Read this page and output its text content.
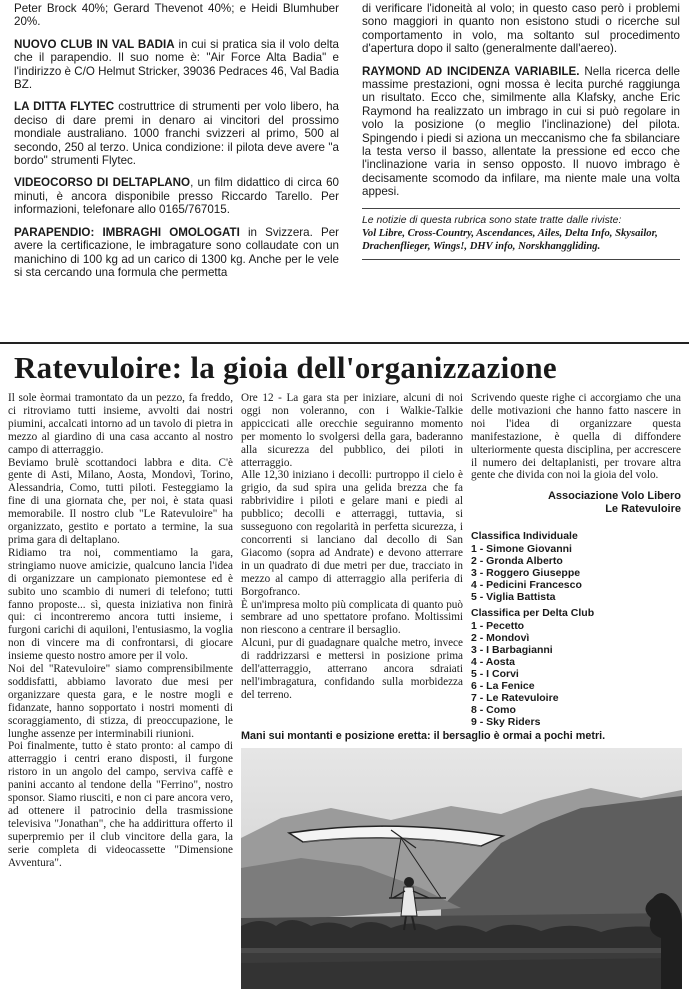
Peter Brock 40%; Gerard Thevenot 40%; e Heidi Blumhuber 20%.

NUOVO CLUB IN VAL BADIA in cui si pratica sia il volo delta che il parapendio. Il suo nome è: "Air Force Alta Badia" e l'indirizzo è C/O Helmut Stricker, 39036 Pedraces 46, Val Badia BZ.

LA DITTA FLYTEC costruttrice di strumenti per volo libero, ha deciso di dare premi in denaro ai vincitori del prossimo mondiale australiano. 1000 franchi svizzeri al primo, 500 al secondo, 250 al terzo. Unica condizione: il pilota deve avere "a bordo" strumenti Flytec.

VIDEOCORSO DI DELTAPLANO, un film didattico di circa 60 minuti, è ancora disponibile presso Riccardo Tarello. Per informazioni, telefonare allo 0165/767015.

PARAPENDIO: IMBRAGHI OMOLOGATI in Svizzera. Per avere la certificazione, le imbragature sono collaudate con un manichino di 100 kg ad un carico di 1300 kg. Anche per le vele si sta cercando una formula che permetta

di verificare l'idoneità al volo; in questo caso però i problemi sono maggiori in quanto non esistono studi o ricerche sul comportamento in volo, ma soltanto sul procedimento d'apertura dopo il salto (generalmente dall'aereo).

RAYMOND AD INCIDENZA VARIABILE. Nella ricerca delle massime prestazioni, ogni mossa è lecita purché raggiunga un risultato. Ecco che, similmente alla Klafsky, anche Eric Raymond ha realizzato un imbrago in cui si può regolare in volo la posizione (o meglio l'inclinazione) del pilota. Spingendo i piedi si aziona un meccanismo che fa sbilanciare la testa verso il basso, allentate la pressione ed ecco che l'inclinazione varia in senso opposto. Il nuovo imbrago è decisamente scomodo da infilare, ma niente male una volta appesi.

Le notizie di questa rubrica sono state tratte dalle riviste:
Vol Libre, Cross-Country, Ascendances, Ailes, Delta Info, Skysailor, Drachenflieger, Wings!, DHV info, Norskhanggliding.
Ratevuloire: la gioia dell'organizzazione

Il sole èormai tramontato da un pezzo, fa freddo, ci ritroviamo tutti insieme, avvolti dai nostri piumini, accalcati intorno ad un tavolo di pietra in mezzo al giardino di una casa accanto al nostro campo di atterraggio.

Beviamo brulè scottandoci labbra e dita. C'è gente di Asti, Milano, Aosta, Mondovì, Torino, Alessandria, Como, tutti piloti. Festeggiamo la fine di una giornata che, per noi, è stata quasi memorabile. Il nostro club "Le Ratevuloire" ha organizzato, gestito e portato a termine, la sua prima gara di deltaplano.

Ridiamo tra noi, commentiamo la gara, stringiamo nuove amicizie, qualcuno lancia l'idea di organizzare un campionato piemontese ed è subito uno scambio di numeri di telefono; tutti fanno proposte... sì, questa iniziativa non finirà qui: ci incontreremo ancora tutti insieme, i furgoni carichi di aquiloni, l'entusiasmo, la voglia non di vincere ma di confrontarsi, di giocare insieme questo nostro amore per il volo.

Noi del "Ratevuloire" siamo comprensibilmente soddisfatti, abbiamo lavorato due mesi per organizzare questa gara, e le nostre mogli e fidanzate, hanno sopportato i nostri momenti di scoraggiamento, di stizza, di preoccupazione, le lunghe assenze per interminabili riunioni.

Poi finalmente, tutto è stato pronto: al campo di atterraggio i centri erano disposti, il furgone ristoro in un angolo del campo, serviva caffè e panini accanto al tendone della "Ferrino", nostro sponsor. Siamo riusciti, e non ci pare ancora vero, ad ottenere il patrocinio della trasmissione televisiva "Jonathan", che ha addirittura offerto il superpremio per il club vincitore della gara, la serie completa di videocassette "Dimensione Avventura".

Ore 12 - La gara sta per iniziare, alcuni di noi oggi non voleranno, con i Walkie-Talkie appiccicati alle orecchie seguiranno momento per momento lo svolgersi della gara, baderanno alla sicurezza del pubblico, dei piloti in atterraggio.

Alle 12,30 iniziano i decolli: purtroppo il cielo è grigio, da sud spira una gelida brezza che fa rabbrividire i piloti e gelare mani e piedi al pubblico; decolli e atterraggi, tuttavia, si susseguono con regolarità in perfetta sicurezza, i concorrenti si lanciano dal decollo di San Giacomo (sopra ad Andrate) e devono atterrare in un quadrato di due metri per due, tracciato in mezzo al campo di atterraggio alla periferia di Borgofranco.

È un'impresa molto più complicata di quanto può sembrare ad uno spettatore profano. Moltissimi non riescono a centrare il bersaglio.

Alcuni, pur di guadagnare qualche metro, invece di raddrizzarsi e mettersi in posizione prima dell'atterraggio, atterrano ancora sdraiati nell'imbragatura, confidando sulla morbidezza del terreno.

Scrivendo queste righe ci accorgiamo che una delle motivazioni che hanno fatto nascere in noi l'idea di organizzare questa manifestazione, è quella di diffondere ulteriormente questa disciplina, per accrescere il numero dei deltaplanisti, per trovare altra gente che divida con noi la gioia del volo.

Associazione Volo Libero
Le Ratevuloire
Classifica Individuale
1 - Simone Giovanni
2 - Gronda Alberto
3 - Roggero Giuseppe
4 - Pedicini Francesco
5 - Viglia Battista
Classifica per Delta Club
1 - Pecetto
2 - Mondovì
3 - I Barbagianni
4 - Aosta
5 - I Corvi
6 - La Fenice
7 - Le Ratevuloire
8 - Como
9 - Sky Riders
Mani sui montanti e posizione eretta: il bersaglio è ormai a pochi metri.
